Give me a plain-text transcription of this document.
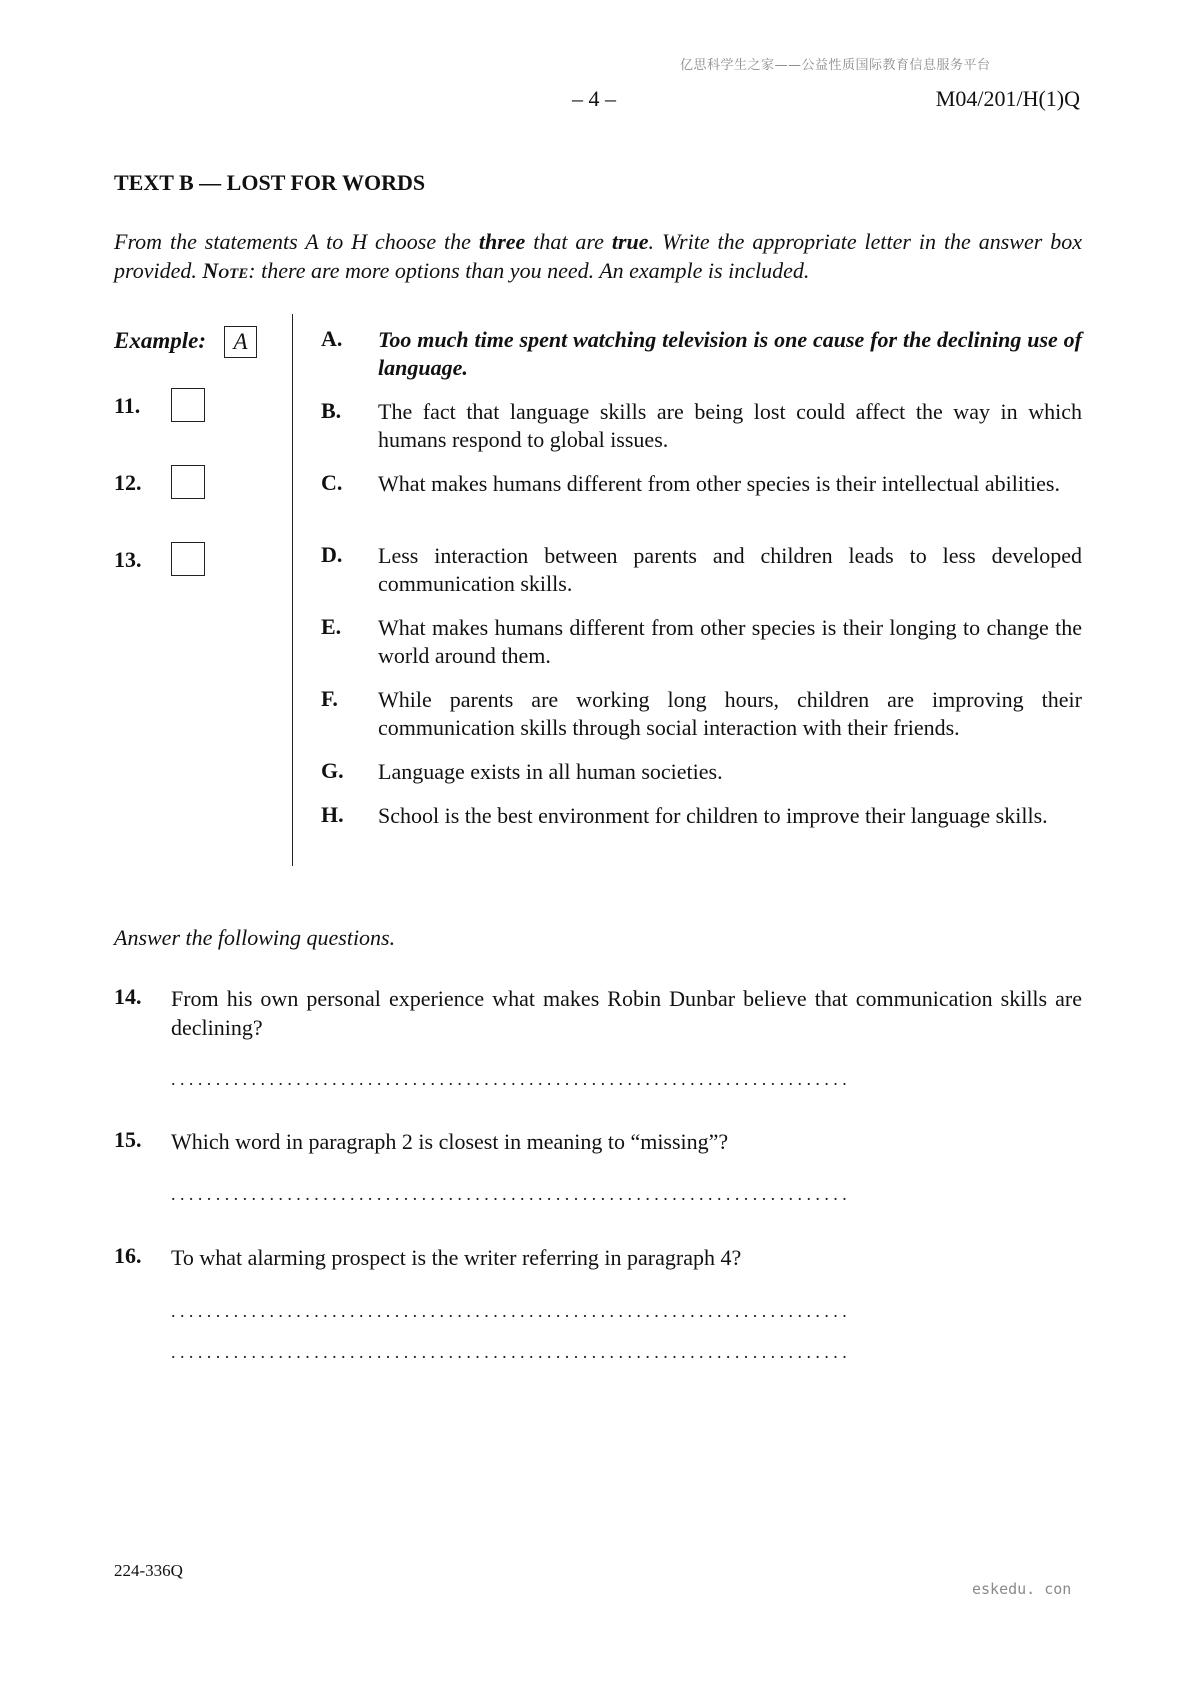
亿思科学生之家——公益性质国际教育信息服务平台
– 4 –	M04/201/H(1)Q
TEXT B — LOST FOR WORDS
From the statements A to H choose the three that are true. Write the appropriate letter in the answer box provided. Note: there are more options than you need. An example is included.
Example:	A
11.
12.
13.
A. Too much time spent watching television is one cause for the declining use of language.
B. The fact that language skills are being lost could affect the way in which humans respond to global issues.
C. What makes humans different from other species is their intellectual abilities.
D. Less interaction between parents and children leads to less developed communication skills.
E. What makes humans different from other species is their longing to change the world around them.
F. While parents are working long hours, children are improving their communication skills through social interaction with their friends.
G. Language exists in all human societies.
H. School is the best environment for children to improve their language skills.
Answer the following questions.
14. From his own personal experience what makes Robin Dunbar believe that communication skills are declining?
............................................................................
15. Which word in paragraph 2 is closest in meaning to “missing”?
............................................................................
16. To what alarming prospect is the writer referring in paragraph 4?
............................................................................
............................................................................
224-336Q
eskedu. con
